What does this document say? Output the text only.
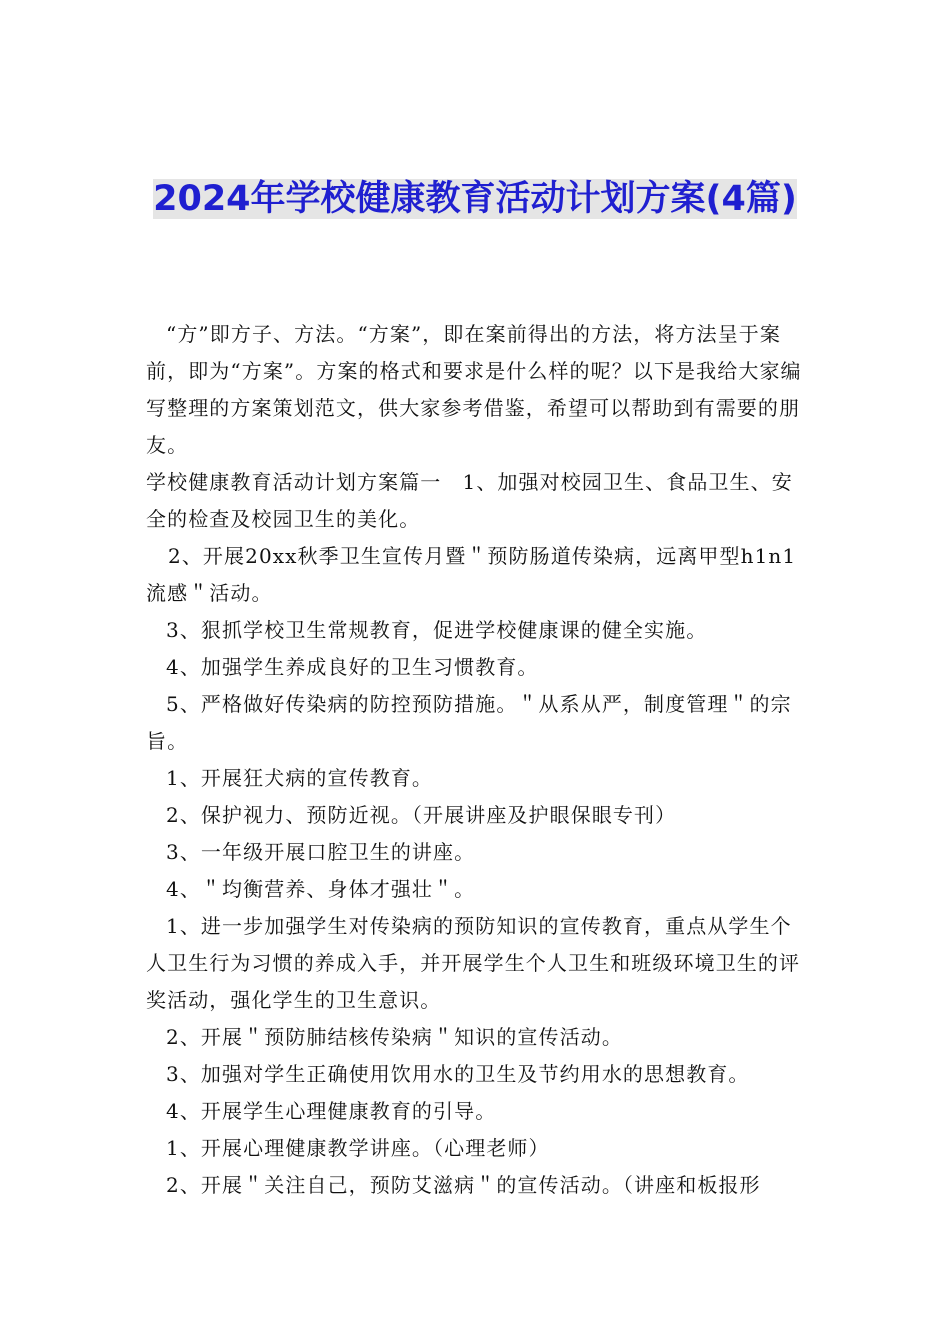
2024年学校健康教育活动计划方案(4篇)

“方”即方子、方法。“方案”，即在案前得出的方法，将方法呈于案前，即为“方案”。方案的格式和要求是什么样的呢？以下是我给大家编写整理的方案策划范文，供大家参考借鉴，希望可以帮助到有需要的朋友。

学校健康教育活动计划方案篇一　1、加强对校园卫生、食品卫生、安全的检查及校园卫生的美化。

2、开展20xx秋季卫生宣传月暨＂预防肠道传染病，远离甲型h1n1流感＂活动。

3、狠抓学校卫生常规教育，促进学校健康课的健全实施。

4、加强学生养成良好的卫生习惯教育。

5、严格做好传染病的防控预防措施。＂从系从严，制度管理＂的宗旨。

1、开展狂犬病的宣传教育。

2、保护视力、预防近视。（开展讲座及护眼保眼专刊）

3、一年级开展口腔卫生的讲座。

4、＂均衡营养、身体才强壮＂。

1、进一步加强学生对传染病的预防知识的宣传教育，重点从学生个人卫生行为习惯的养成入手，并开展学生个人卫生和班级环境卫生的评奖活动，强化学生的卫生意识。

2、开展＂预防肺结核传染病＂知识的宣传活动。

3、加强对学生正确使用饮用水的卫生及节约用水的思想教育。

4、开展学生心理健康教育的引导。

1、开展心理健康教学讲座。（心理老师）

2、开展＂关注自己，预防艾滋病＂的宣传活动。（讲座和板报形
